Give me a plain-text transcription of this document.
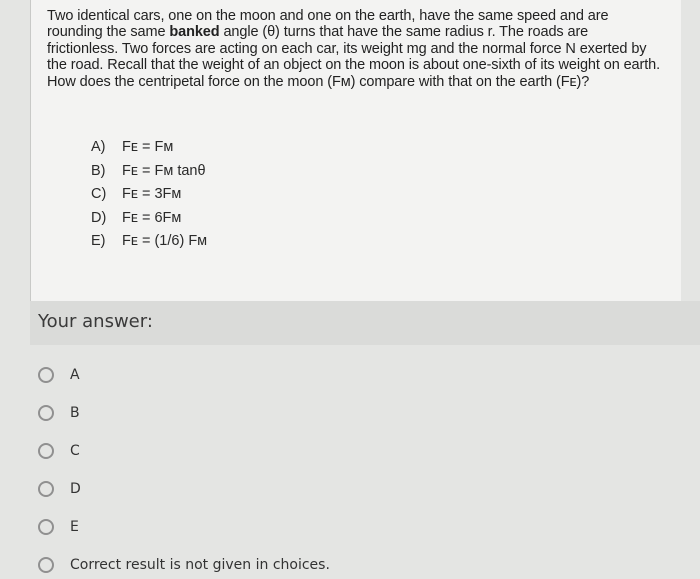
Two identical cars, one on the moon and one on the earth, have the same speed and are rounding the same banked angle (θ) turns that have the same radius r. The roads are frictionless. Two forces are acting on each car, its weight mg and the normal force N exerted by the road. Recall that the weight of an object on the moon is about one-sixth of its weight on earth. How does the centripetal force on the moon (Fм) compare with that on the earth (Fᴇ)?
A) Fᴇ = Fᴍ
B) Fᴇ = Fᴍ tanθ
C) Fᴇ = 3Fᴍ
D) Fᴇ = 6Fᴍ
E) Fᴇ = (1/6) Fᴍ
Your answer:
A
B
C
D
E
Correct result is not given in choices.
